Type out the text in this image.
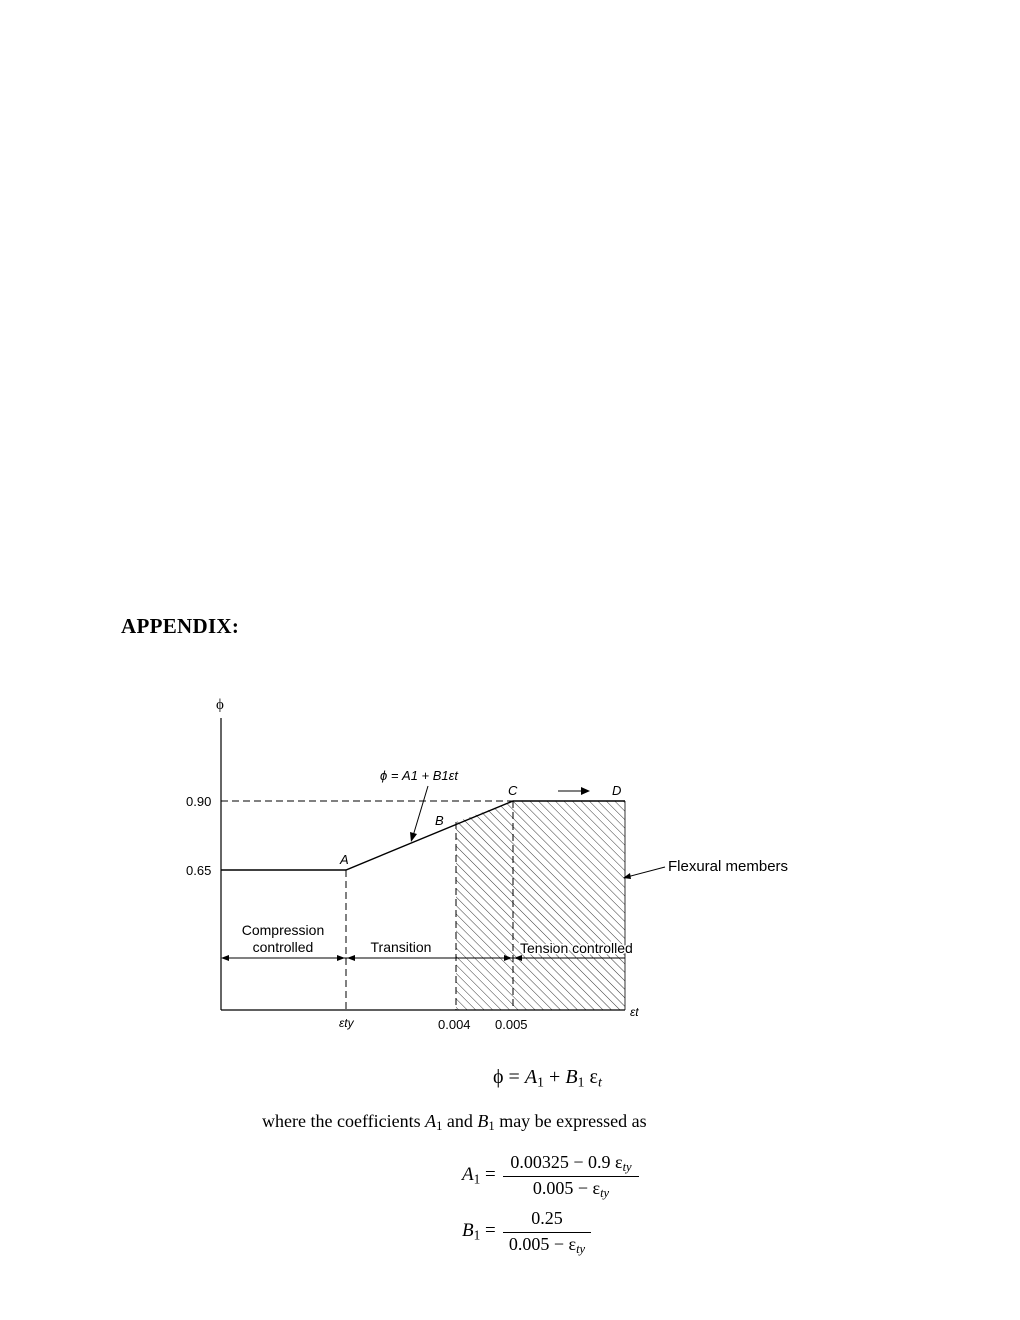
APPENDIX:
ϕ
εt
0.90
0.65
εty	0.004 0.005
A
B
C	D
ϕ = A1 + B1εt
Compression
controlled	Transition	Tension controlled
Flexural members
$\phi = A_1 + B_1$ $\varepsilon_t$
where the coefficients $A_1$ and $B_1$ may be expressed as
$A_1$ =
0.00325 − 0.9 $\varepsilon_{ty}$
$0.005 - \varepsilon_{ty}$
$B_1$ =
0.25
$0.005 - \varepsilon_{ty}$
